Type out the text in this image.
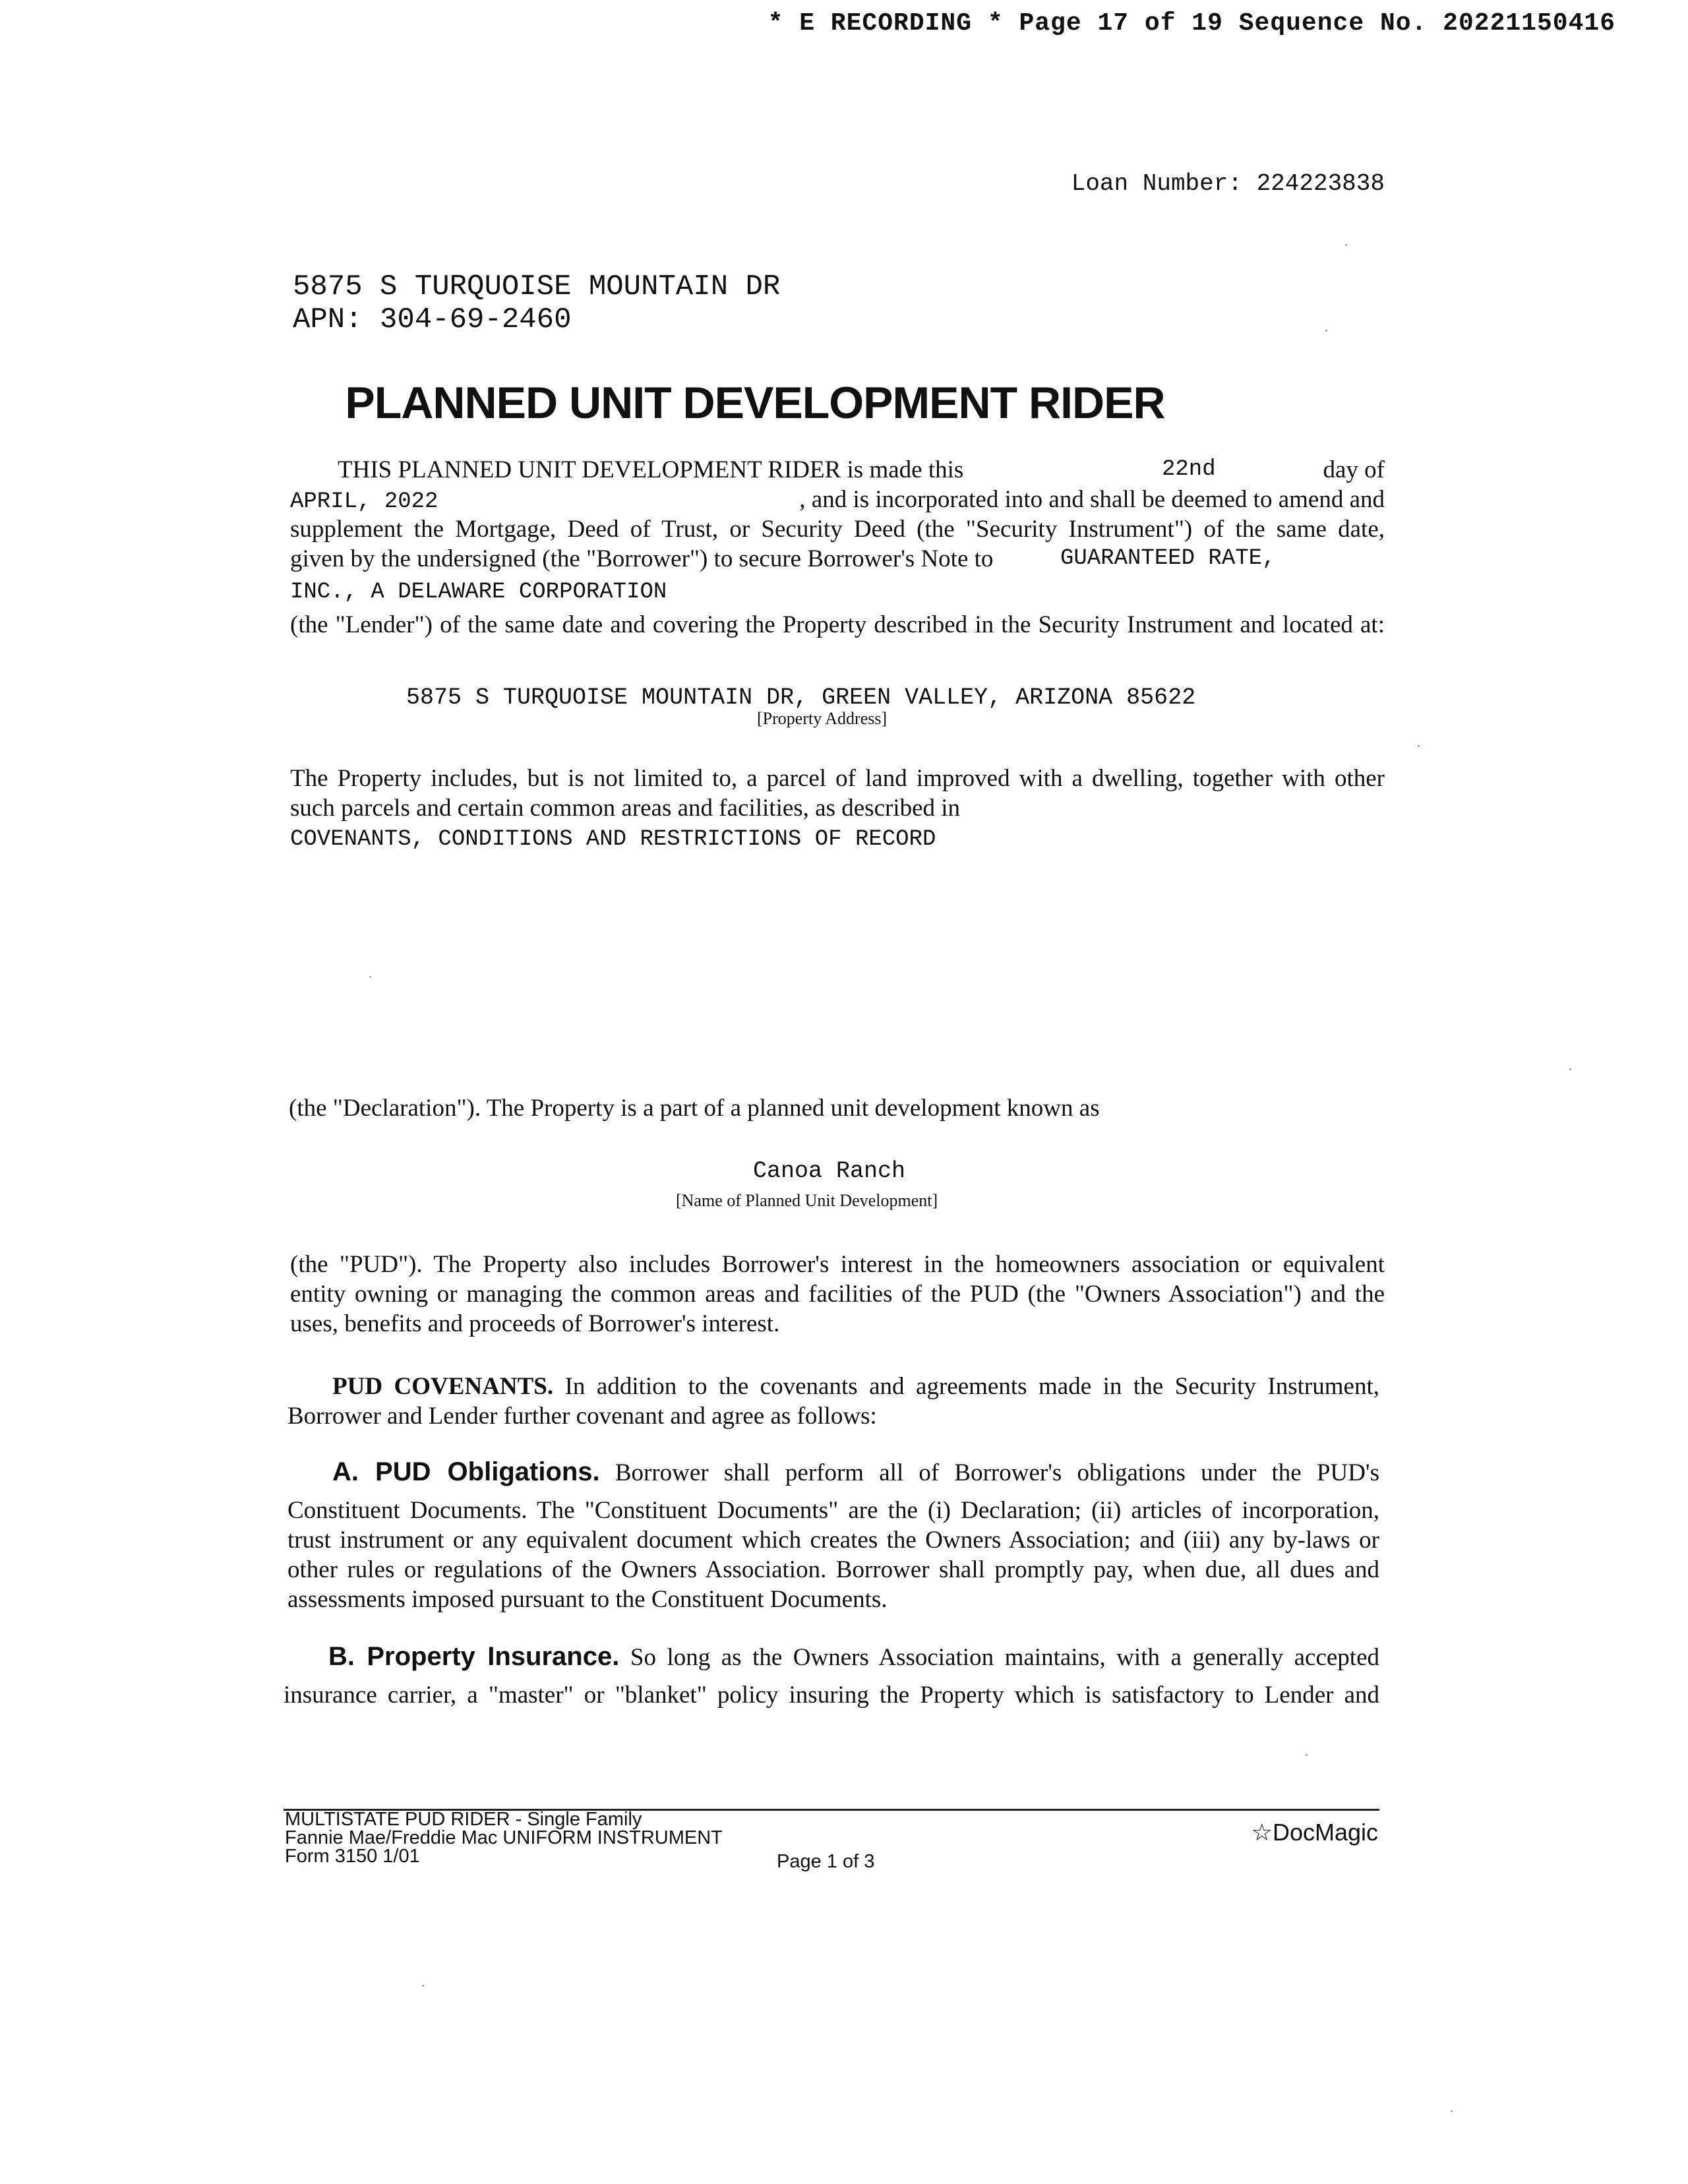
* E RECORDING * Page 17 of 19 Sequence No. 20221150416
Loan Number: 224223838
5875 S TURQUOISE MOUNTAIN DR
APN: 304-69-2460
PLANNED UNIT DEVELOPMENT RIDER
THIS PLANNED UNIT DEVELOPMENT RIDER is made this	22nd	day of
APRIL, 2022	, and is incorporated into and shall be deemed to amend and
supplement the Mortgage, Deed of Trust, or Security Deed (the "Security Instrument") of the same date,
given by the undersigned (the "Borrower") to secure Borrower's Note to	GUARANTEED RATE,
INC., A DELAWARE CORPORATION
(the "Lender") of the same date and covering the Property described in the Security Instrument and located at:
5875 S TURQUOISE MOUNTAIN DR, GREEN VALLEY, ARIZONA 85622
[Property Address]
The Property includes, but is not limited to, a parcel of land improved with a dwelling, together with other
such parcels and certain common areas and facilities, as described in
COVENANTS, CONDITIONS AND RESTRICTIONS OF RECORD
(the "Declaration"). The Property is a part of a planned unit development known as
Canoa Ranch
[Name of Planned Unit Development]
(the "PUD"). The Property also includes Borrower's interest in the homeowners association or equivalent
entity owning or managing the common areas and facilities of the PUD (the "Owners Association") and the
uses, benefits and proceeds of Borrower's interest.
PUD COVENANTS. In addition to the covenants and agreements made in the Security Instrument,
Borrower and Lender further covenant and agree as follows:
A. PUD Obligations. Borrower shall perform all of Borrower's obligations under the PUD's
Constituent Documents. The "Constituent Documents" are the (i) Declaration; (ii) articles of incorporation,
trust instrument or any equivalent document which creates the Owners Association; and (iii) any by-laws or
other rules or regulations of the Owners Association. Borrower shall promptly pay, when due, all dues and
assessments imposed pursuant to the Constituent Documents.
B. Property Insurance. So long as the Owners Association maintains, with a generally accepted
insurance carrier, a "master" or "blanket" policy insuring the Property which is satisfactory to Lender and
MULTISTATE PUD RIDER - Single Family
Fannie Mae/Freddie Mac UNIFORM INSTRUMENT
Form 3150 1/01	Page 1 of 3
☆DocMagic
